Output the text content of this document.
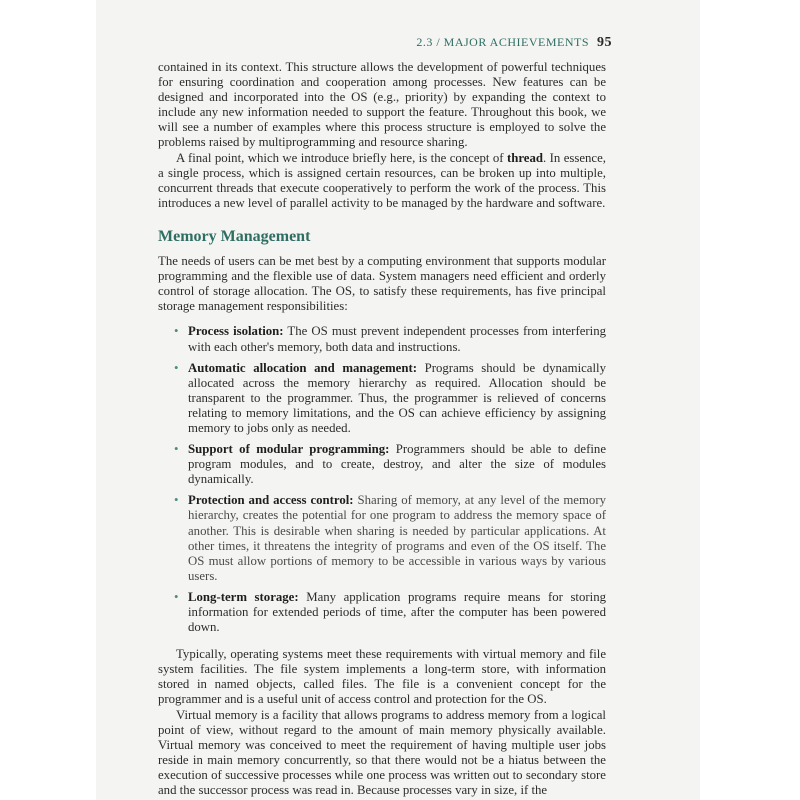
2.3 / MAJOR ACHIEVEMENTS 95

contained in its context. This structure allows the development of powerful techniques for ensuring coordination and cooperation among processes. New features can be designed and incorporated into the OS (e.g., priority) by expanding the context to include any new information needed to support the feature. Throughout this book, we will see a number of examples where this process structure is employed to solve the problems raised by multiprogramming and resource sharing.

A final point, which we introduce briefly here, is the concept of thread. In essence, a single process, which is assigned certain resources, can be broken up into multiple, concurrent threads that execute cooperatively to perform the work of the process. This introduces a new level of parallel activity to be managed by the hardware and software.

Memory Management

The needs of users can be met best by a computing environment that supports modular programming and the flexible use of data. System managers need efficient and orderly control of storage allocation. The OS, to satisfy these requirements, has five principal storage management responsibilities:

• Process isolation: The OS must prevent independent processes from interfering with each other's memory, both data and instructions.
• Automatic allocation and management: Programs should be dynamically allocated across the memory hierarchy as required. Allocation should be transparent to the programmer. Thus, the programmer is relieved of concerns relating to memory limitations, and the OS can achieve efficiency by assigning memory to jobs only as needed.
• Support of modular programming: Programmers should be able to define program modules, and to create, destroy, and alter the size of modules dynamically.
• Protection and access control: Sharing of memory, at any level of the memory hierarchy, creates the potential for one program to address the memory space of another. This is desirable when sharing is needed by particular applications. At other times, it threatens the integrity of programs and even of the OS itself. The OS must allow portions of memory to be accessible in various ways by various users.
• Long-term storage: Many application programs require means for storing information for extended periods of time, after the computer has been powered down.

Typically, operating systems meet these requirements with virtual memory and file system facilities. The file system implements a long-term store, with information stored in named objects, called files. The file is a convenient concept for the programmer and is a useful unit of access control and protection for the OS.

Virtual memory is a facility that allows programs to address memory from a logical point of view, without regard to the amount of main memory physically available. Virtual memory was conceived to meet the requirement of having multiple user jobs reside in main memory concurrently, so that there would not be a hiatus between the execution of successive processes while one process was written out to secondary store and the successor process was read in. Because processes vary in size, if the
